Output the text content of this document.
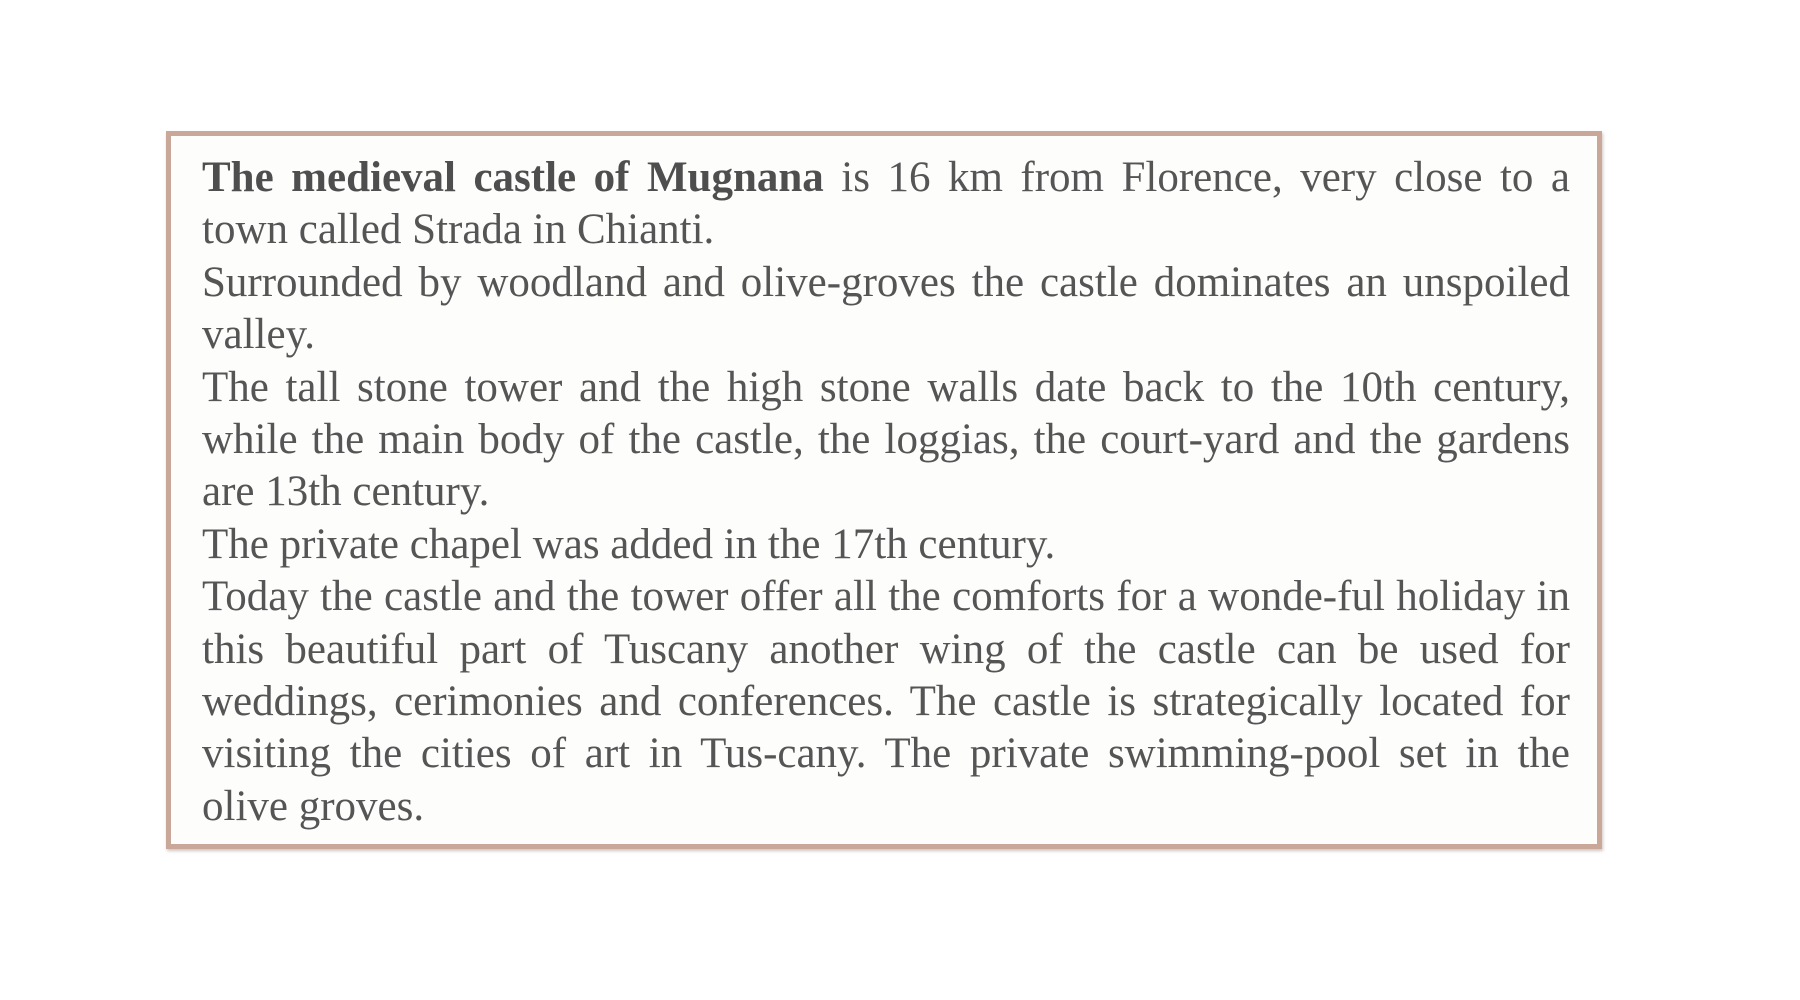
The medieval castle of Mugnana is 16 km from Florence, very close to a town called Strada in Chianti.

Surrounded by woodland and olive-groves the castle dominates an unspoiled valley.

The tall stone tower and the high stone walls date back to the 10th century, while the main body of the castle, the loggias, the court-yard and the gardens are 13th century.

The private chapel was added in the 17th century.

Today the castle and the tower offer all the comforts for a wonde-ful holiday in this beautiful part of Tuscany another wing of the castle can be used for weddings, cerimonies and conferences. The castle is strategically located for visiting the cities of art in Tus-cany. The private swimming-pool set in the olive groves.
